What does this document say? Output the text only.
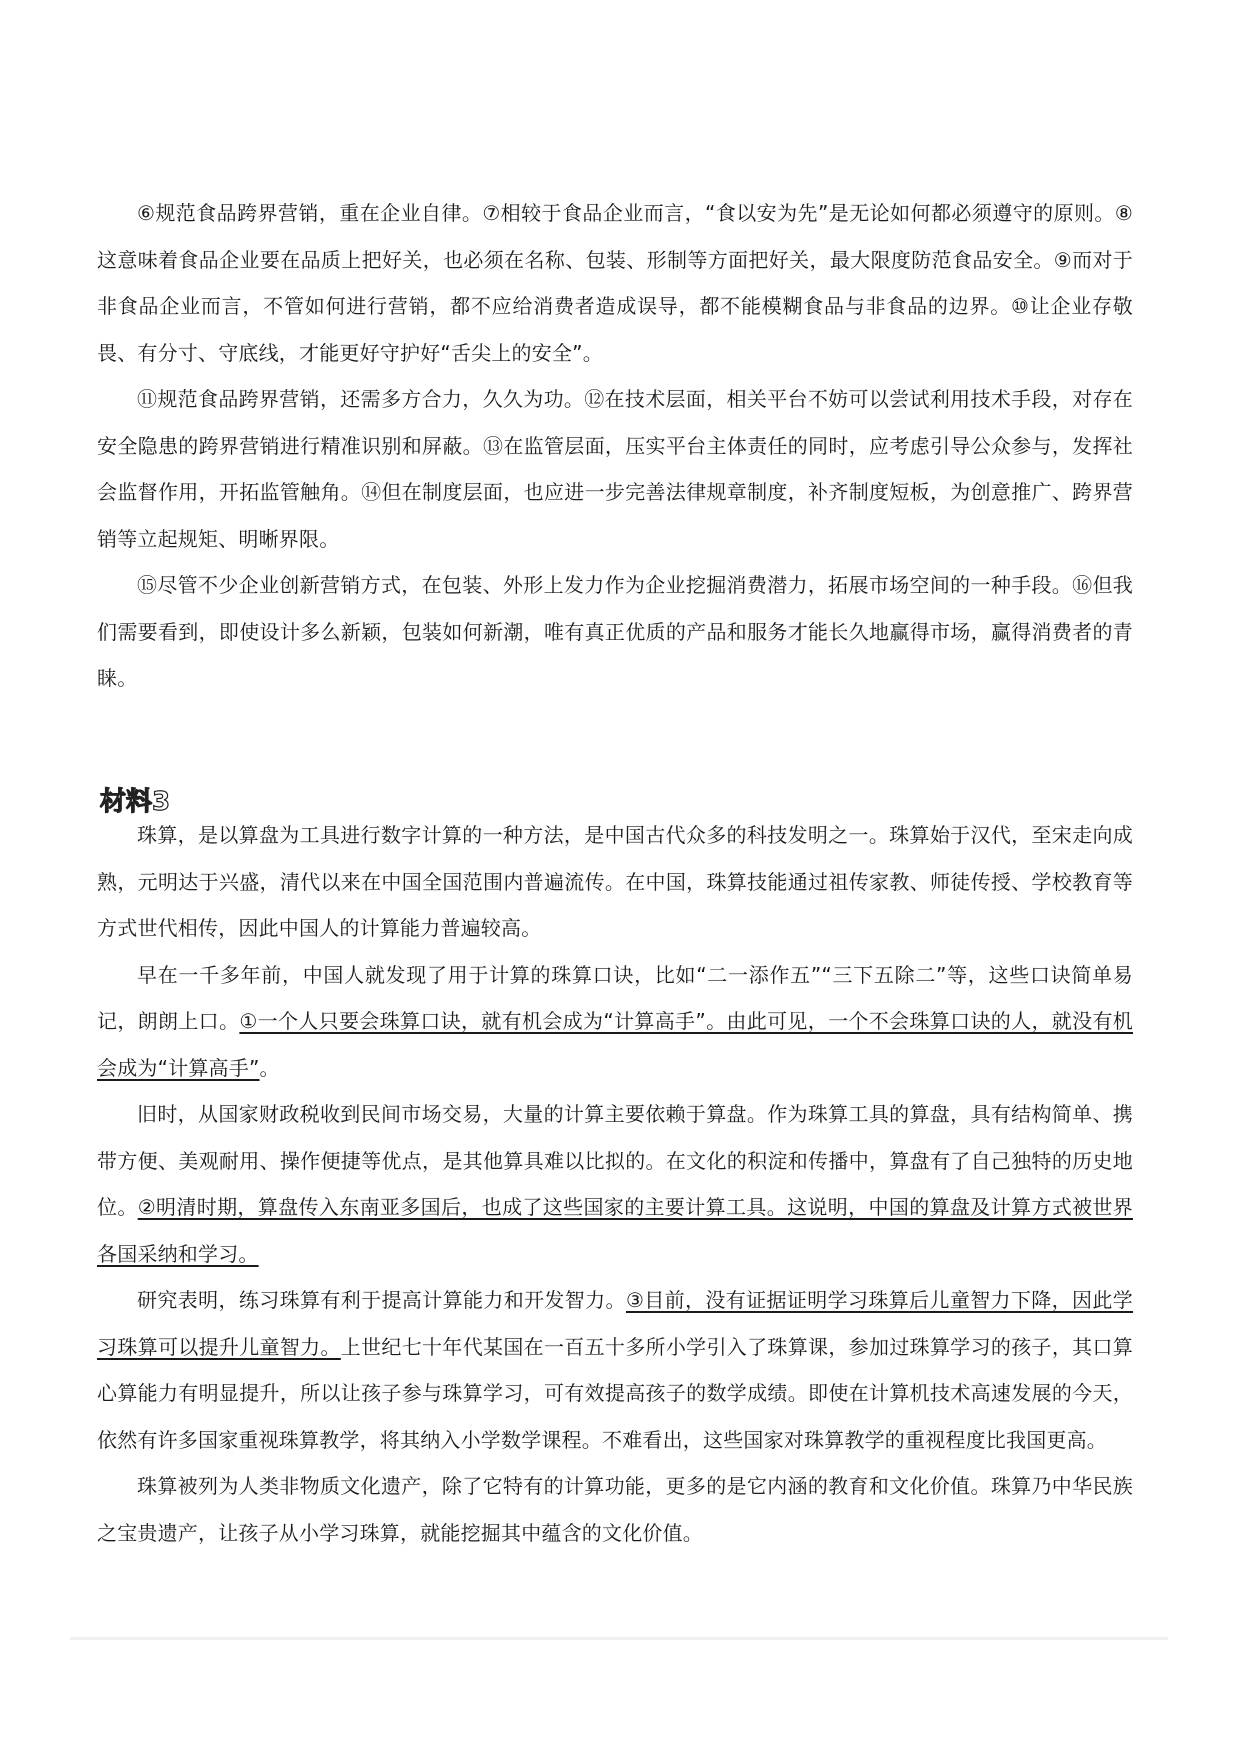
⑥规范食品跨界营销，重在企业自律。⑦相较于食品企业而言，“食以安为先”是无论如何都必须遵守的原则。⑧这意味着食品企业要在品质上把好关，也必须在名称、包装、形制等方面把好关，最大限度防范食品安全。⑨而对于非食品企业而言，不管如何进行营销，都不应给消费者造成误导，都不能模糊食品与非食品的边界。⑩让企业存敬畏、有分寸、守底线，才能更好守护好“舌尖上的安全”。

⑪规范食品跨界营销，还需多方合力，久久为功。⑫在技术层面，相关平台不妨可以尝试利用技术手段，对存在安全隐患的跨界营销进行精准识别和屏蔽。⑬在监管层面，压实平台主体责任的同时，应考虑引导公众参与，发挥社会监督作用，开拓监管触角。⑭但在制度层面，也应进一步完善法律规章制度，补齐制度短板，为创意推广、跨界营销等立起规矩、明晰界限。

⑮尽管不少企业创新营销方式，在包装、外形上发力作为企业挖掘消费潜力，拓展市场空间的一种手段。⑯但我们需要看到，即使设计多么新颖，包装如何新潮，唯有真正优质的产品和服务才能长久地赢得市场，赢得消费者的青睐。

材料3

珠算，是以算盘为工具进行数字计算的一种方法，是中国古代众多的科技发明之一。珠算始于汉代，至宋走向成熟，元明达于兴盛，清代以来在中国全国范围内普遍流传。在中国，珠算技能通过祖传家教、师徒传授、学校教育等方式世代相传，因此中国人的计算能力普遍较高。

早在一千多年前，中国人就发现了用于计算的珠算口诀，比如“二一添作五”“三下五除二”等，这些口诀简单易记，朗朗上口。①一个人只要会珠算口诀，就有机会成为“计算高手”。由此可见，一个不会珠算口诀的人，就没有机会成为“计算高手”。

旧时，从国家财政税收到民间市场交易，大量的计算主要依赖于算盘。作为珠算工具的算盘，具有结构简单、携带方便、美观耐用、操作便捷等优点，是其他算具难以比拟的。在文化的积淀和传播中，算盘有了自己独特的历史地位。②明清时期，算盘传入东南亚多国后，也成了这些国家的主要计算工具。这说明，中国的算盘及计算方式被世界各国采纳和学习。

研究表明，练习珠算有利于提高计算能力和开发智力。③目前，没有证据证明学习珠算后儿童智力下降，因此学习珠算可以提升儿童智力。上世纪七十年代某国在一百五十多所小学引入了珠算课，参加过珠算学习的孩子，其口算心算能力有明显提升，所以让孩子参与珠算学习，可有效提高孩子的数学成绩。即使在计算机技术高速发展的今天，依然有许多国家重视珠算教学，将其纳入小学数学课程。不难看出，这些国家对珠算教学的重视程度比我国更高。

珠算被列为人类非物质文化遗产，除了它特有的计算功能，更多的是它内涵的教育和文化价值。珠算乃中华民族之宝贵遗产，让孩子从小学习珠算，就能挖掘其中蕴含的文化价值。
